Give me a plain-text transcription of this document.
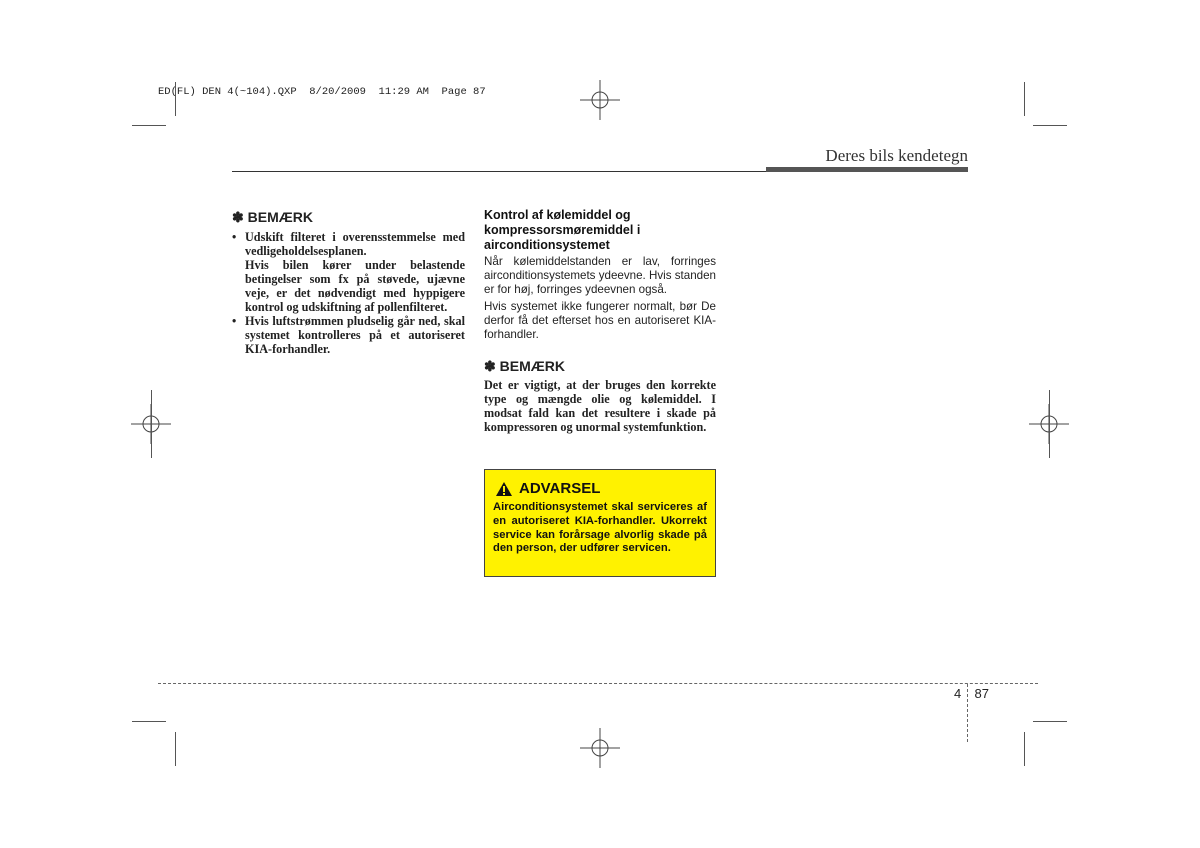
ED(FL) DEN 4(~104).QXP  8/20/2009  11:29 AM  Page 87
Deres bils kendetegn
✽ BEMÆRK
• Udskift filteret i overensstemmelse med vedligeholdelsesplanen.

Hvis bilen kører under belastende betingelser som fx på støvede, ujævne veje, er det nødvendigt med hyppigere kontrol og udskiftning af pollenfilteret.

• Hvis luftstrømmen pludselig går ned, skal systemet kontrolleres på et autoriseret KIA-forhandler.

Kontrol af kølemiddel og kompressorsmøremiddel i airconditionsystemet

Når kølemiddelstanden er lav, forringes airconditionsystemets ydeevne. Hvis standen er for høj, forringes ydeevnen også.

Hvis systemet ikke fungerer normalt, bør De derfor få det efterset hos en autoriseret KIA-forhandler.

✽ BEMÆRK
Det er vigtigt, at der bruges den korrekte type og mængde olie og kølemiddel. I modsat fald kan det resultere i skade på kompressoren og unormal systemfunktion.
ADVARSEL
Airconditionsystemet skal serviceres af en autoriseret KIA-forhandler. Ukorrekt service kan forårsage alvorlig skade på den person, der udfører servicen.
4 87
